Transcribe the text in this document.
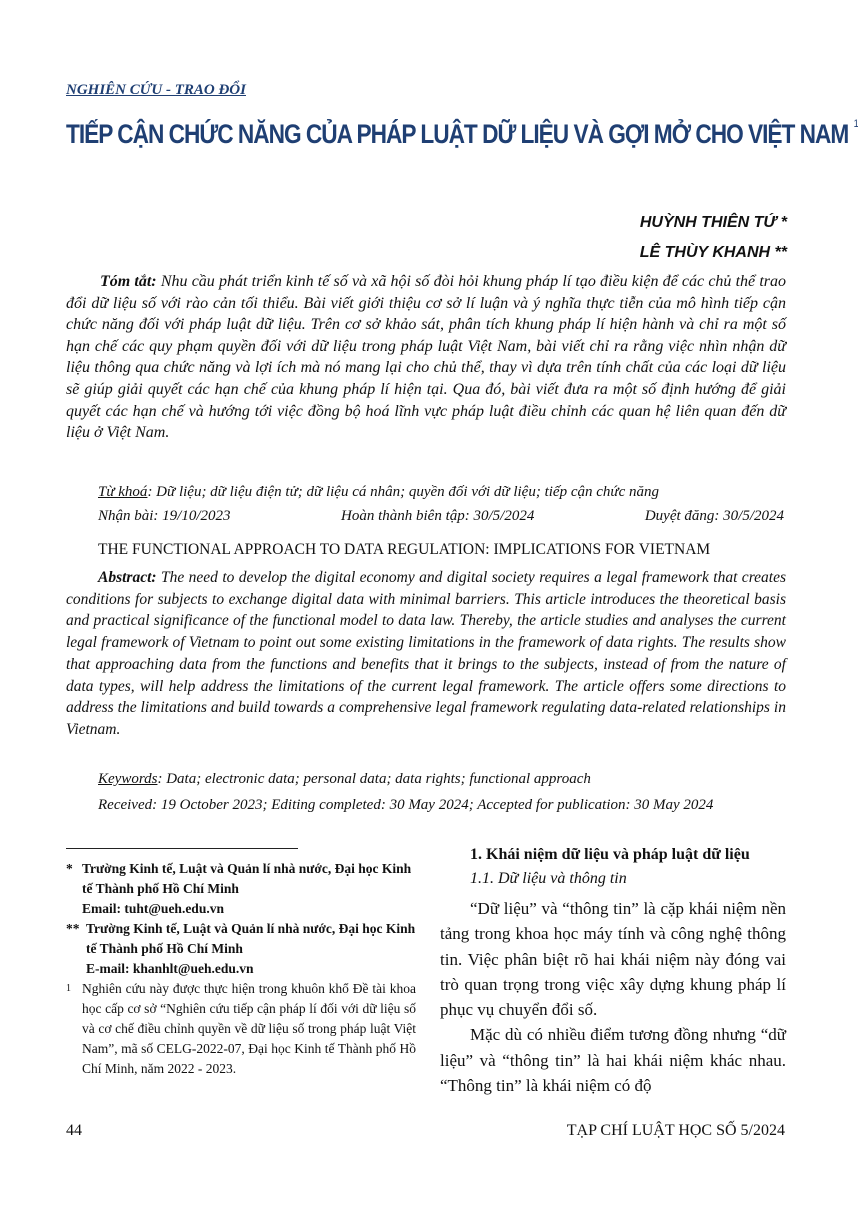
NGHIÊN CỨU - TRAO ĐỔI
TIẾP CẬN CHỨC NĂNG CỦA PHÁP LUẬT DỮ LIỆU VÀ GỢI MỞ CHO VIỆT NAM $^1$
HUỲNH THIÊN TỨ *
LÊ THÙY KHANH **
Tóm tắt: Nhu cầu phát triển kinh tế số và xã hội số đòi hỏi khung pháp lí tạo điều kiện để các chủ thể trao đổi dữ liệu số với rào cản tối thiểu. Bài viết giới thiệu cơ sở lí luận và ý nghĩa thực tiễn của mô hình tiếp cận chức năng đối với pháp luật dữ liệu. Trên cơ sở khảo sát, phân tích khung pháp lí hiện hành và chỉ ra một số hạn chế các quy phạm quyền đối với dữ liệu trong pháp luật Việt Nam, bài viết chỉ ra rằng việc nhìn nhận dữ liệu thông qua chức năng và lợi ích mà nó mang lại cho chủ thể, thay vì dựa trên tính chất của các loại dữ liệu sẽ giúp giải quyết các hạn chế của khung pháp lí hiện tại. Qua đó, bài viết đưa ra một số định hướng để giải quyết các hạn chế và hướng tới việc đồng bộ hoá lĩnh vực pháp luật điều chỉnh các quan hệ liên quan đến dữ liệu ở Việt Nam.
Từ khoá: Dữ liệu; dữ liệu điện tử; dữ liệu cá nhân; quyền đối với dữ liệu; tiếp cận chức năng
Nhận bài: 19/10/2023	Hoàn thành biên tập: 30/5/2024	Duyệt đăng: 30/5/2024
THE FUNCTIONAL APPROACH TO DATA REGULATION: IMPLICATIONS FOR VIETNAM
Abstract: The need to develop the digital economy and digital society requires a legal framework that creates conditions for subjects to exchange digital data with minimal barriers. This article introduces the theoretical basis and practical significance of the functional model to data law. Thereby, the article studies and analyses the current legal framework of Vietnam to point out some existing limitations in the framework of data rights. The results show that approaching data from the functions and benefits that it brings to the subjects, instead of from the nature of data types, will help address the limitations of the current legal framework. The article offers some directions to address the limitations and build towards a comprehensive legal framework regulating data-related relationships in Vietnam.
Keywords: Data; electronic data; personal data; data rights; functional approach
Received: 19 October 2023; Editing completed: 30 May 2024; Accepted for publication: 30 May 2024
* Trường Kinh tế, Luật và Quản lí nhà nước, Đại học Kinh tế Thành phố Hồ Chí Minh
Email: tuht@ueh.edu.vn
** Trường Kinh tế, Luật và Quản lí nhà nước, Đại học Kinh tế Thành phố Hồ Chí Minh
E-mail: khanhlt@ueh.edu.vn
1 Nghiên cứu này được thực hiện trong khuôn khổ Đề tài khoa học cấp cơ sở “Nghiên cứu tiếp cận pháp lí đối với dữ liệu số và cơ chế điều chỉnh quyền về dữ liệu số trong pháp luật Việt Nam”, mã số CELG-2022-07, Đại học Kinh tế Thành phố Hồ Chí Minh, năm 2022 - 2023.
1. Khái niệm dữ liệu và pháp luật dữ liệu
1.1. Dữ liệu và thông tin

“Dữ liệu” và “thông tin” là cặp khái niệm nền tảng trong khoa học máy tính và công nghệ thông tin. Việc phân biệt rõ hai khái niệm này đóng vai trò quan trọng trong việc xây dựng khung pháp lí phục vụ chuyển đổi số.

Mặc dù có nhiều điểm tương đồng nhưng “dữ liệu” và “thông tin” là hai khái niệm khác nhau. “Thông tin” là khái niệm có độ

44	TẠP CHÍ LUẬT HỌC SỐ 5/2024
